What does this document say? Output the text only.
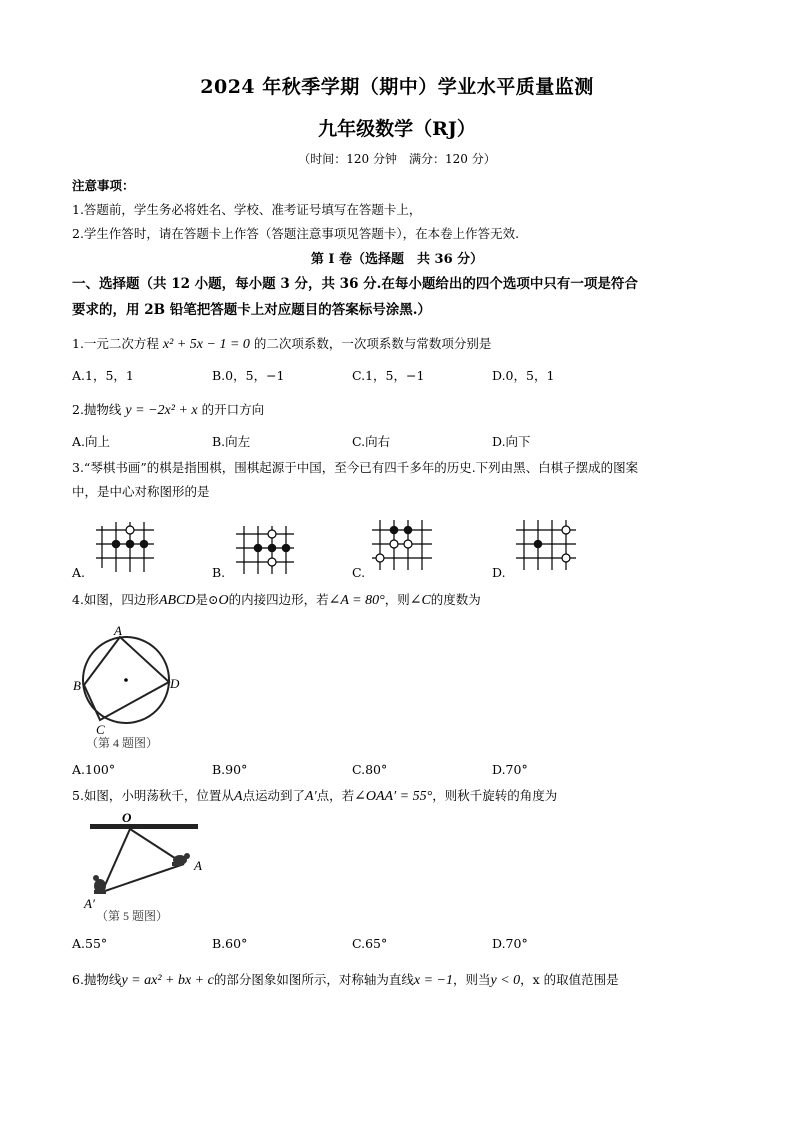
2024 年秋季学期（期中）学业水平质量监测
九年级数学（RJ）
（时间：120 分钟　满分：120 分）
注意事项：
1.答题前，学生务必将姓名、学校、准考证号填写在答题卡上，
2.学生作答时，请在答题卡上作答（答题注意事项见答题卡），在本卷上作答无效.
第 I 卷（选择题　共 36 分）
一、选择题（共 12 小题，每小题 3 分，共 36 分.在每小题给出的四个选项中只有一项是符合
要求的，用 2B 铅笔把答题卡上对应题目的答案标号涂黑.）
1.一元二次方程 x² + 5x − 1 = 0 的二次项系数，一次项系数与常数项分别是
A.1，5，1	B.0，5，−1	C.1，5，−1	D.0，5，1
2.抛物线 y = −2x² + x 的开口方向
A.向上	B.向左	C.向右	D.向下
3.“琴棋书画”的棋是指围棋，围棋起源于中国，至今已有四千多年的历史.下列由黑、白棋子摆成的图案
中，是中心对称图形的是
A.	B.	C.	D.
4.如图，四边形ABCD是⊙O的内接四边形，若∠A = 80°，则∠C的度数为
A
B
C
D
（第 4 题图）
A.100°	B.90°	C.80°	D.70°
5.如图，小明荡秋千，位置从A点运动到了A′点，若∠OAA′ = 55°，则秋千旋转的角度为
O
A
A′
（第 5 题图）
A.55°	B.60°	C.65°	D.70°
6.抛物线y = ax² + bx + c的部分图象如图所示，对称轴为直线x = −1，则当y < 0，x 的取值范围是
